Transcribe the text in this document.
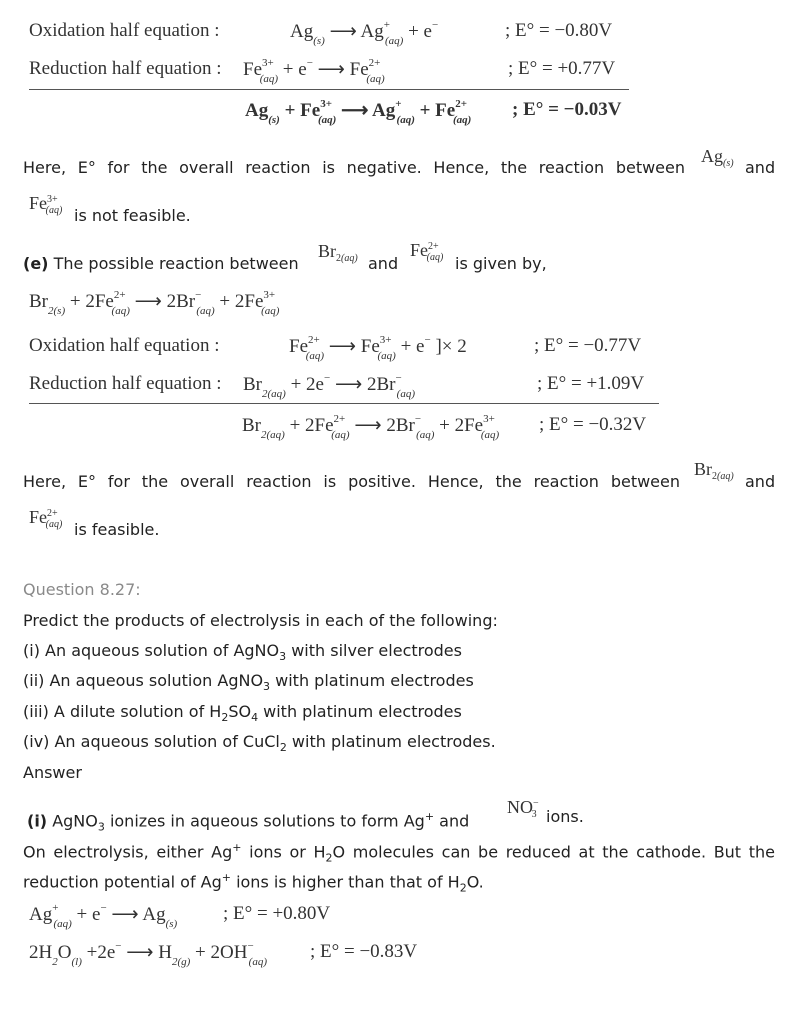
Oxidation half equation :	$Ag_{(s)}$ ⟶ $Ag^+_{(aq)} + e^-$	; E° = −0.80V
Reduction half equation : $Fe^{3+}_{(aq)} + e^-$ ⟶ $Fe^{2+}_{(aq)}$	; E° = +0.77V
$Ag_{(s)} + Fe^{3+}_{(aq)}$ ⟶ $Ag^+_{(aq)} + Fe^{2+}_{(aq)}$ ; E° = −0.03V
Here, E° for the overall reaction is negative. Hence, the reaction between
$Ag_{(s)}$ and
$Fe^{3+}_{(aq)}$ is not feasible.
(e) The possible reaction between
$Br_{2(aq)}$ and
$Fe^{2+}_{(aq)}$ is given by,
$Br_{2(s)} + 2Fe^{2+}_{(aq)}$ ⟶ $2Br^-_{(aq)} + 2Fe^{3+}_{(aq)}$
Oxidation half equation :	$Fe^{2+}_{(aq)}$ ⟶ $Fe^{3+}_{(aq)} + e^-$ ]× 2	; E° = −0.77V
Reduction half equation : $Br_{2(aq)} + 2e^-$ ⟶ $2Br^-_{(aq)}$	; E° = +1.09V
$Br_{2(aq)} + 2Fe^{2+}_{(aq)}$ ⟶ $2Br^-_{(aq)} + 2Fe^{3+}_{(aq)}$ ; E° = −0.32V
Here, E° for the overall reaction is positive. Hence, the reaction between
$Br_{2(aq)}$ and
$Fe^{2+}_{(aq)}$ is feasible.
Question 8.27:
Predict the products of electrolysis in each of the following:
(i) An aqueous solution of AgNO$_3$ with silver electrodes
(ii) An aqueous solution AgNO$_3$ with platinum electrodes
(iii) A dilute solution of $H_2SO_4$ with platinum electrodes
(iv) An aqueous solution of CuCl$_2$ with platinum electrodes.
Answer
(i) AgNO$_3$ ionizes in aqueous solutions to form Ag+ and
$NO^-_3$ ions.
On electrolysis, either Ag+ ions or $H_2O$ molecules can be reduced at the cathode. But the
reduction potential of Ag+ ions is higher than that of $H_2O$.
$Ag^+_{(aq)} + e^-$ ⟶ $Ag_{(s)}$ ; E° = +0.80V
$2H_2O_{(l)} +2e^-$ ⟶ $H_{2(g)} + 2OH^-_{(aq)}$ ; E° = −0.83V
